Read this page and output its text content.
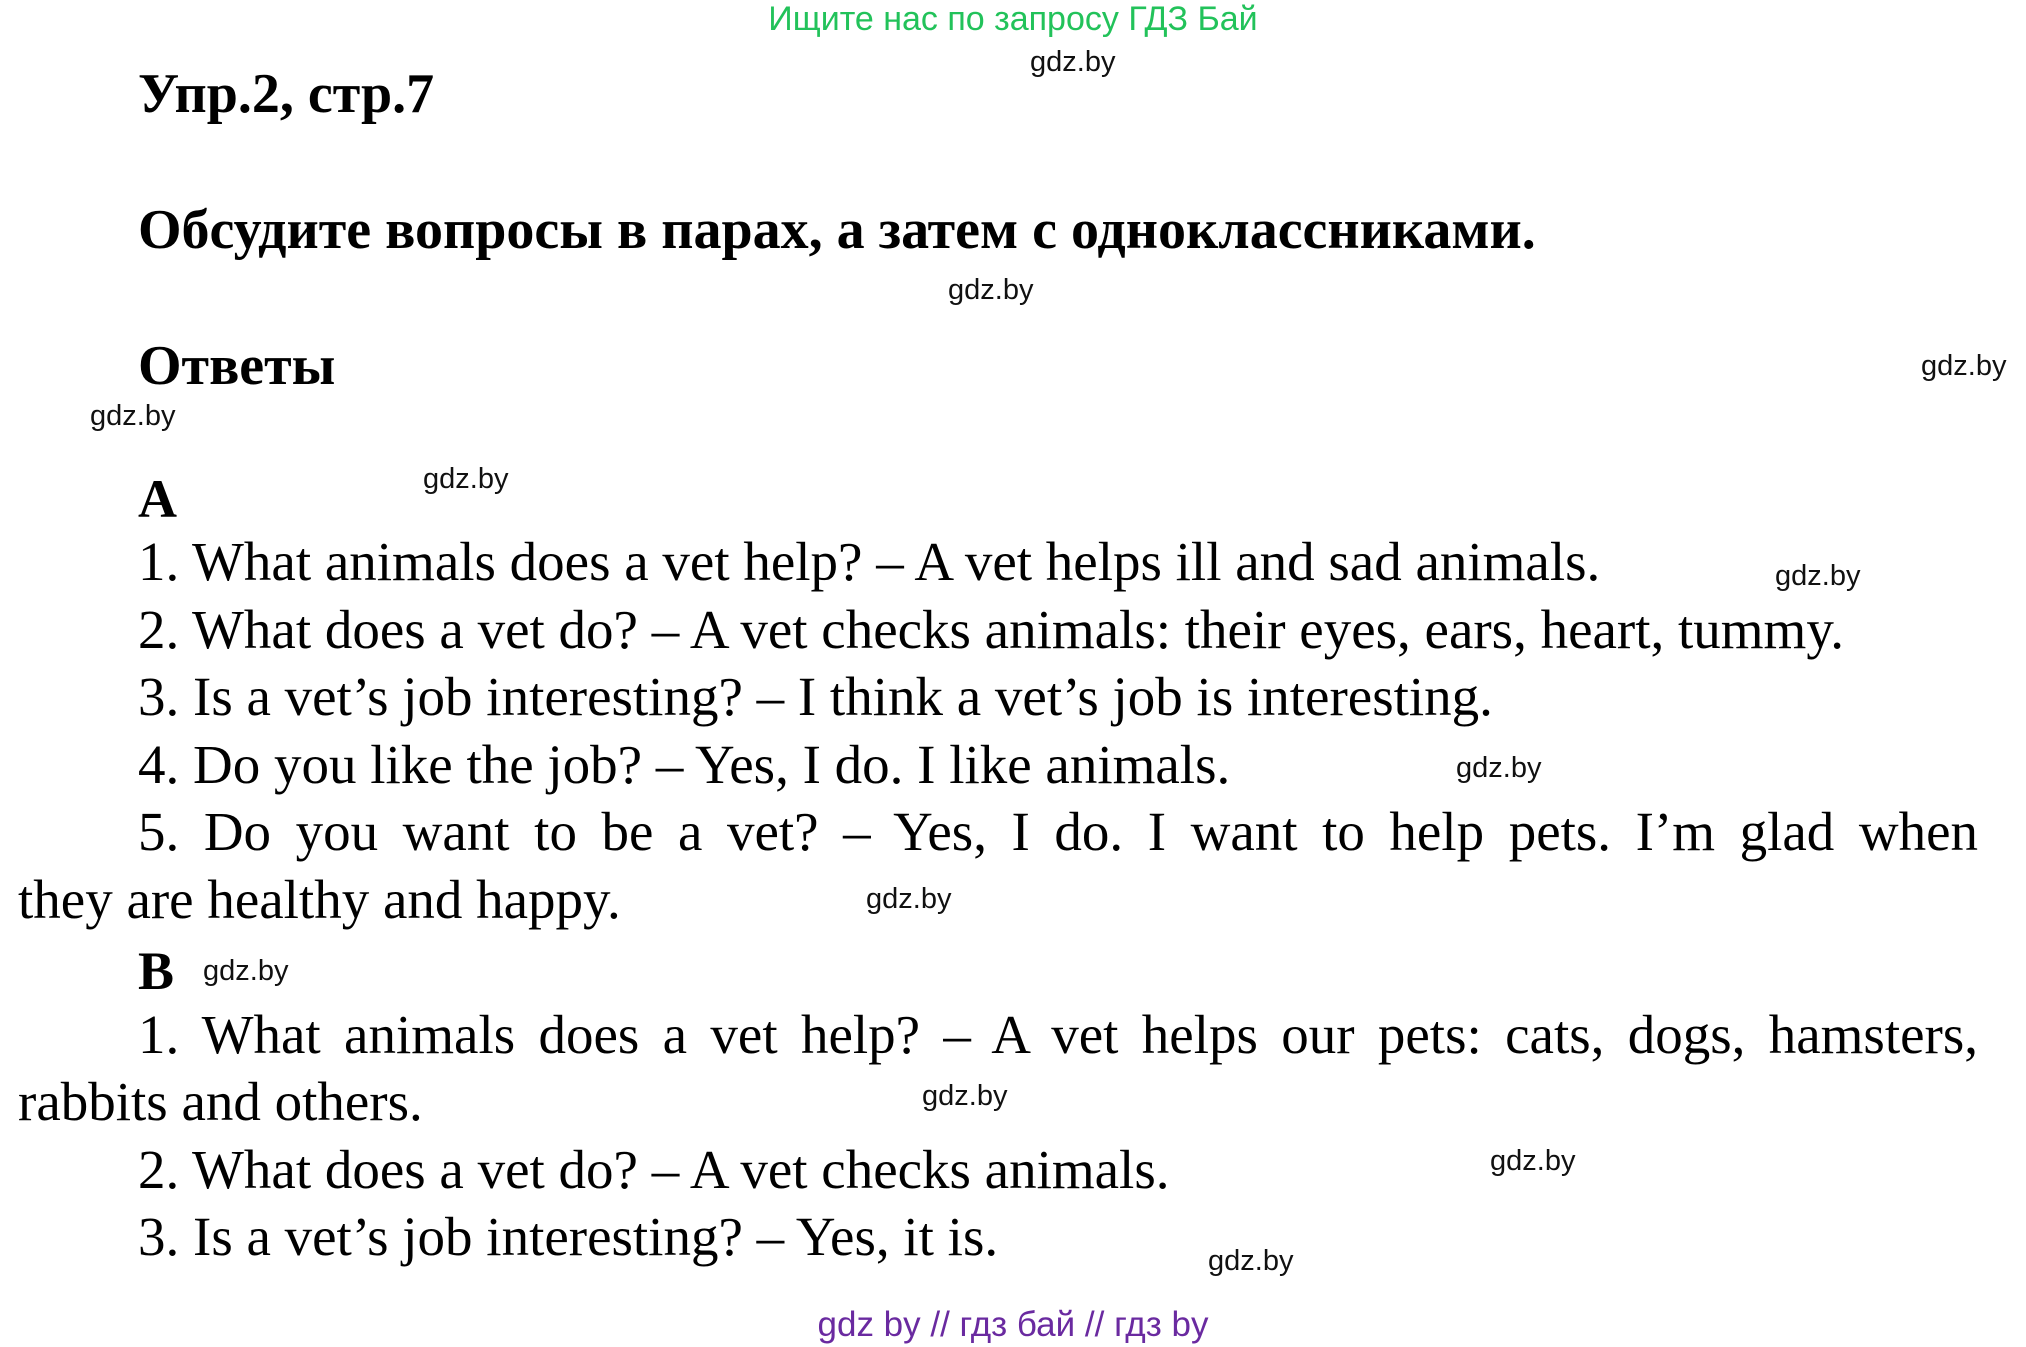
Ищите нас по запросу ГДЗ Бай
Упр.2, стр.7
gdz.by
Обсудите вопросы в парах, а затем с одноклассниками.
gdz.by
Ответы	gdz.by
gdz.by
A	gdz.by
1. What animals does a vet help? – A vet helps ill and sad animals.	gdz.by
2. What does a vet do? – A vet checks animals: their eyes, ears, heart, tummy.
3. Is a vet’s job interesting? – I think a vet’s job is interesting.
4. Do you like the job? – Yes, I do. I like animals.	gdz.by
5. Do you want to be a vet? – Yes, I do. I want to help pets. I’m glad when
they are healthy and happy.	gdz.by
B gdz.by
1. What animals does a vet help? – A vet helps our pets: cats, dogs, hamsters,
rabbits and others.	gdz.by
2. What does a vet do? – A vet checks animals.	gdz.by
3. Is a vet’s job interesting? – Yes, it is.	gdz.by
gdz by // гдз бай // гдз by
